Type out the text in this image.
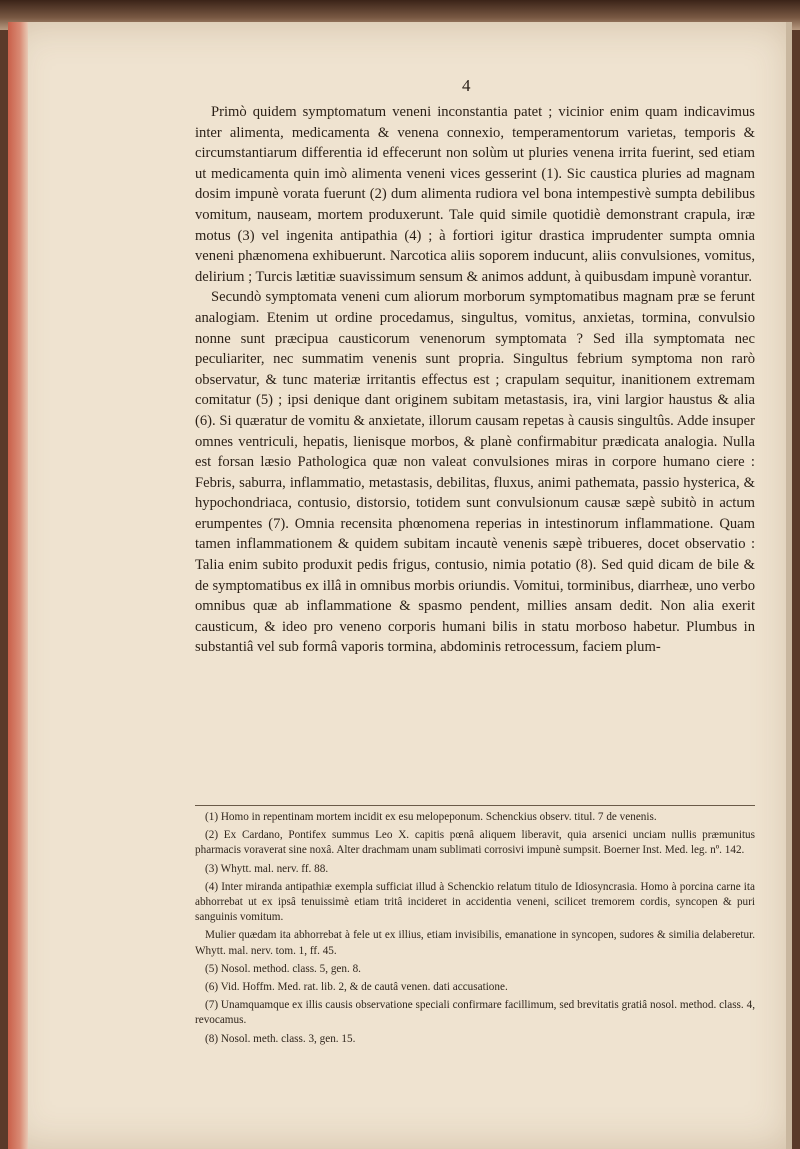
4

Primò quidem symptomatum veneni inconstantia patet ; vicinior enim quam indicavimus inter alimenta, medicamenta & venena connexio, temperamentorum varietas, temporis & circumstantiarum differentia id effecerunt non solùm ut pluries venena irrita fuerint, sed etiam ut medicamenta quin imò alimenta veneni vices gesserint (1). Sic caustica pluries ad magnam dosim impunè vorata fuerunt (2) dum alimenta rudiora vel bona intempestivè sumpta debilibus vomitum, nauseam, mortem produxerunt. Tale quid simile quotidiè demonstrant crapula, iræ motus (3) vel ingenita antipathia (4) ; à fortiori igitur drastica imprudenter sumpta omnia veneni phænomena exhibuerunt. Narcotica aliis soporem inducunt, aliis convulsiones, vomitus, delirium ; Turcis lætitiæ suavissimum sensum & animos addunt, à quibusdam impunè vorantur.

Secundò symptomata veneni cum aliorum morborum symptomatibus magnam præ se ferunt analogiam. Etenim ut ordine procedamus, singultus, vomitus, anxietas, tormina, convulsio nonne sunt præcipua causticorum venenorum symptomata ? Sed illa symptomata nec peculiariter, nec summatim venenis sunt propria. Singultus febrium symptoma non rarò observatur, & tunc materiæ irritantis effectus est ; crapulam sequitur, inanitionem extremam comitatur (5) ; ipsi denique dant originem subitam metastasis, ira, vini largior haustus & alia (6). Si quæratur de vomitu & anxietate, illorum causam repetas à causis singultûs. Adde insuper omnes ventriculi, hepatis, lienisque morbos, & planè confirmabitur prædicata analogia. Nulla est forsan læsio Pathologica quæ non valeat convulsiones miras in corpore humano ciere : Febris, saburra, inflammatio, metastasis, debilitas, fluxus, animi pathemata, passio hysterica, & hypochondriaca, contusio, distorsio, totidem sunt convulsionum causæ sæpè subitò in actum erumpentes (7). Omnia recensita phœnomena reperias in intestinorum inflammatione. Quam tamen inflammationem & quidem subitam incautè venenis sæpè tribueres, docet observatio : Talia enim subito produxit pedis frigus, contusio, nimia potatio (8). Sed quid dicam de bile & de symptomatibus ex illâ in omnibus morbis oriundis. Vomitui, torminibus, diarrheæ, uno verbo omnibus quæ ab inflammatione & spasmo pendent, millies ansam dedit. Non alia exerit causticum, & ideo pro veneno corporis humani bilis in statu morboso habetur. Plumbus in substantiâ vel sub formâ vaporis tormina, abdominis retrocessum, faciem plum-

(1) Homo in repentinam mortem incidit ex esu melopeponum. Schenckius observ. titul. 7 de venenis.

(2) Ex Cardano, Pontifex summus Leo X. capitis pœnâ aliquem liberavit, quia arsenici unciam nullis præmunitus pharmacis voraverat sine noxâ. Alter drachmam unam sublimati corrosivi impunè sumpsit. Boerner Inst. Med. leg. nº. 142.

(3) Whytt. mal. nerv. ff. 88.

(4) Inter miranda antipathiæ exempla sufficiat illud à Schenckio relatum titulo de Idiosyncrasia. Homo à porcina carne ita abhorrebat ut ex ipsâ tenuissimè etiam tritâ incideret in accidentia veneni, scilicet tremorem cordis, syncopen & puri sanguinis vomitum.

Mulier quædam ita abhorrebat à fele ut ex illius, etiam invisibilis, emanatione in syncopen, sudores & similia delaberetur. Whytt. mal. nerv. tom. 1, ff. 45.

(5) Nosol. method. class. 5, gen. 8.

(6) Vid. Hoffm. Med. rat. lib. 2, & de cautâ venen. dati accusatione.

(7) Unamquamque ex illis causis observatione speciali confirmare facillimum, sed brevitatis gratiâ nosol. method. class. 4, revocamus.

(8) Nosol. meth. class. 3, gen. 15.
